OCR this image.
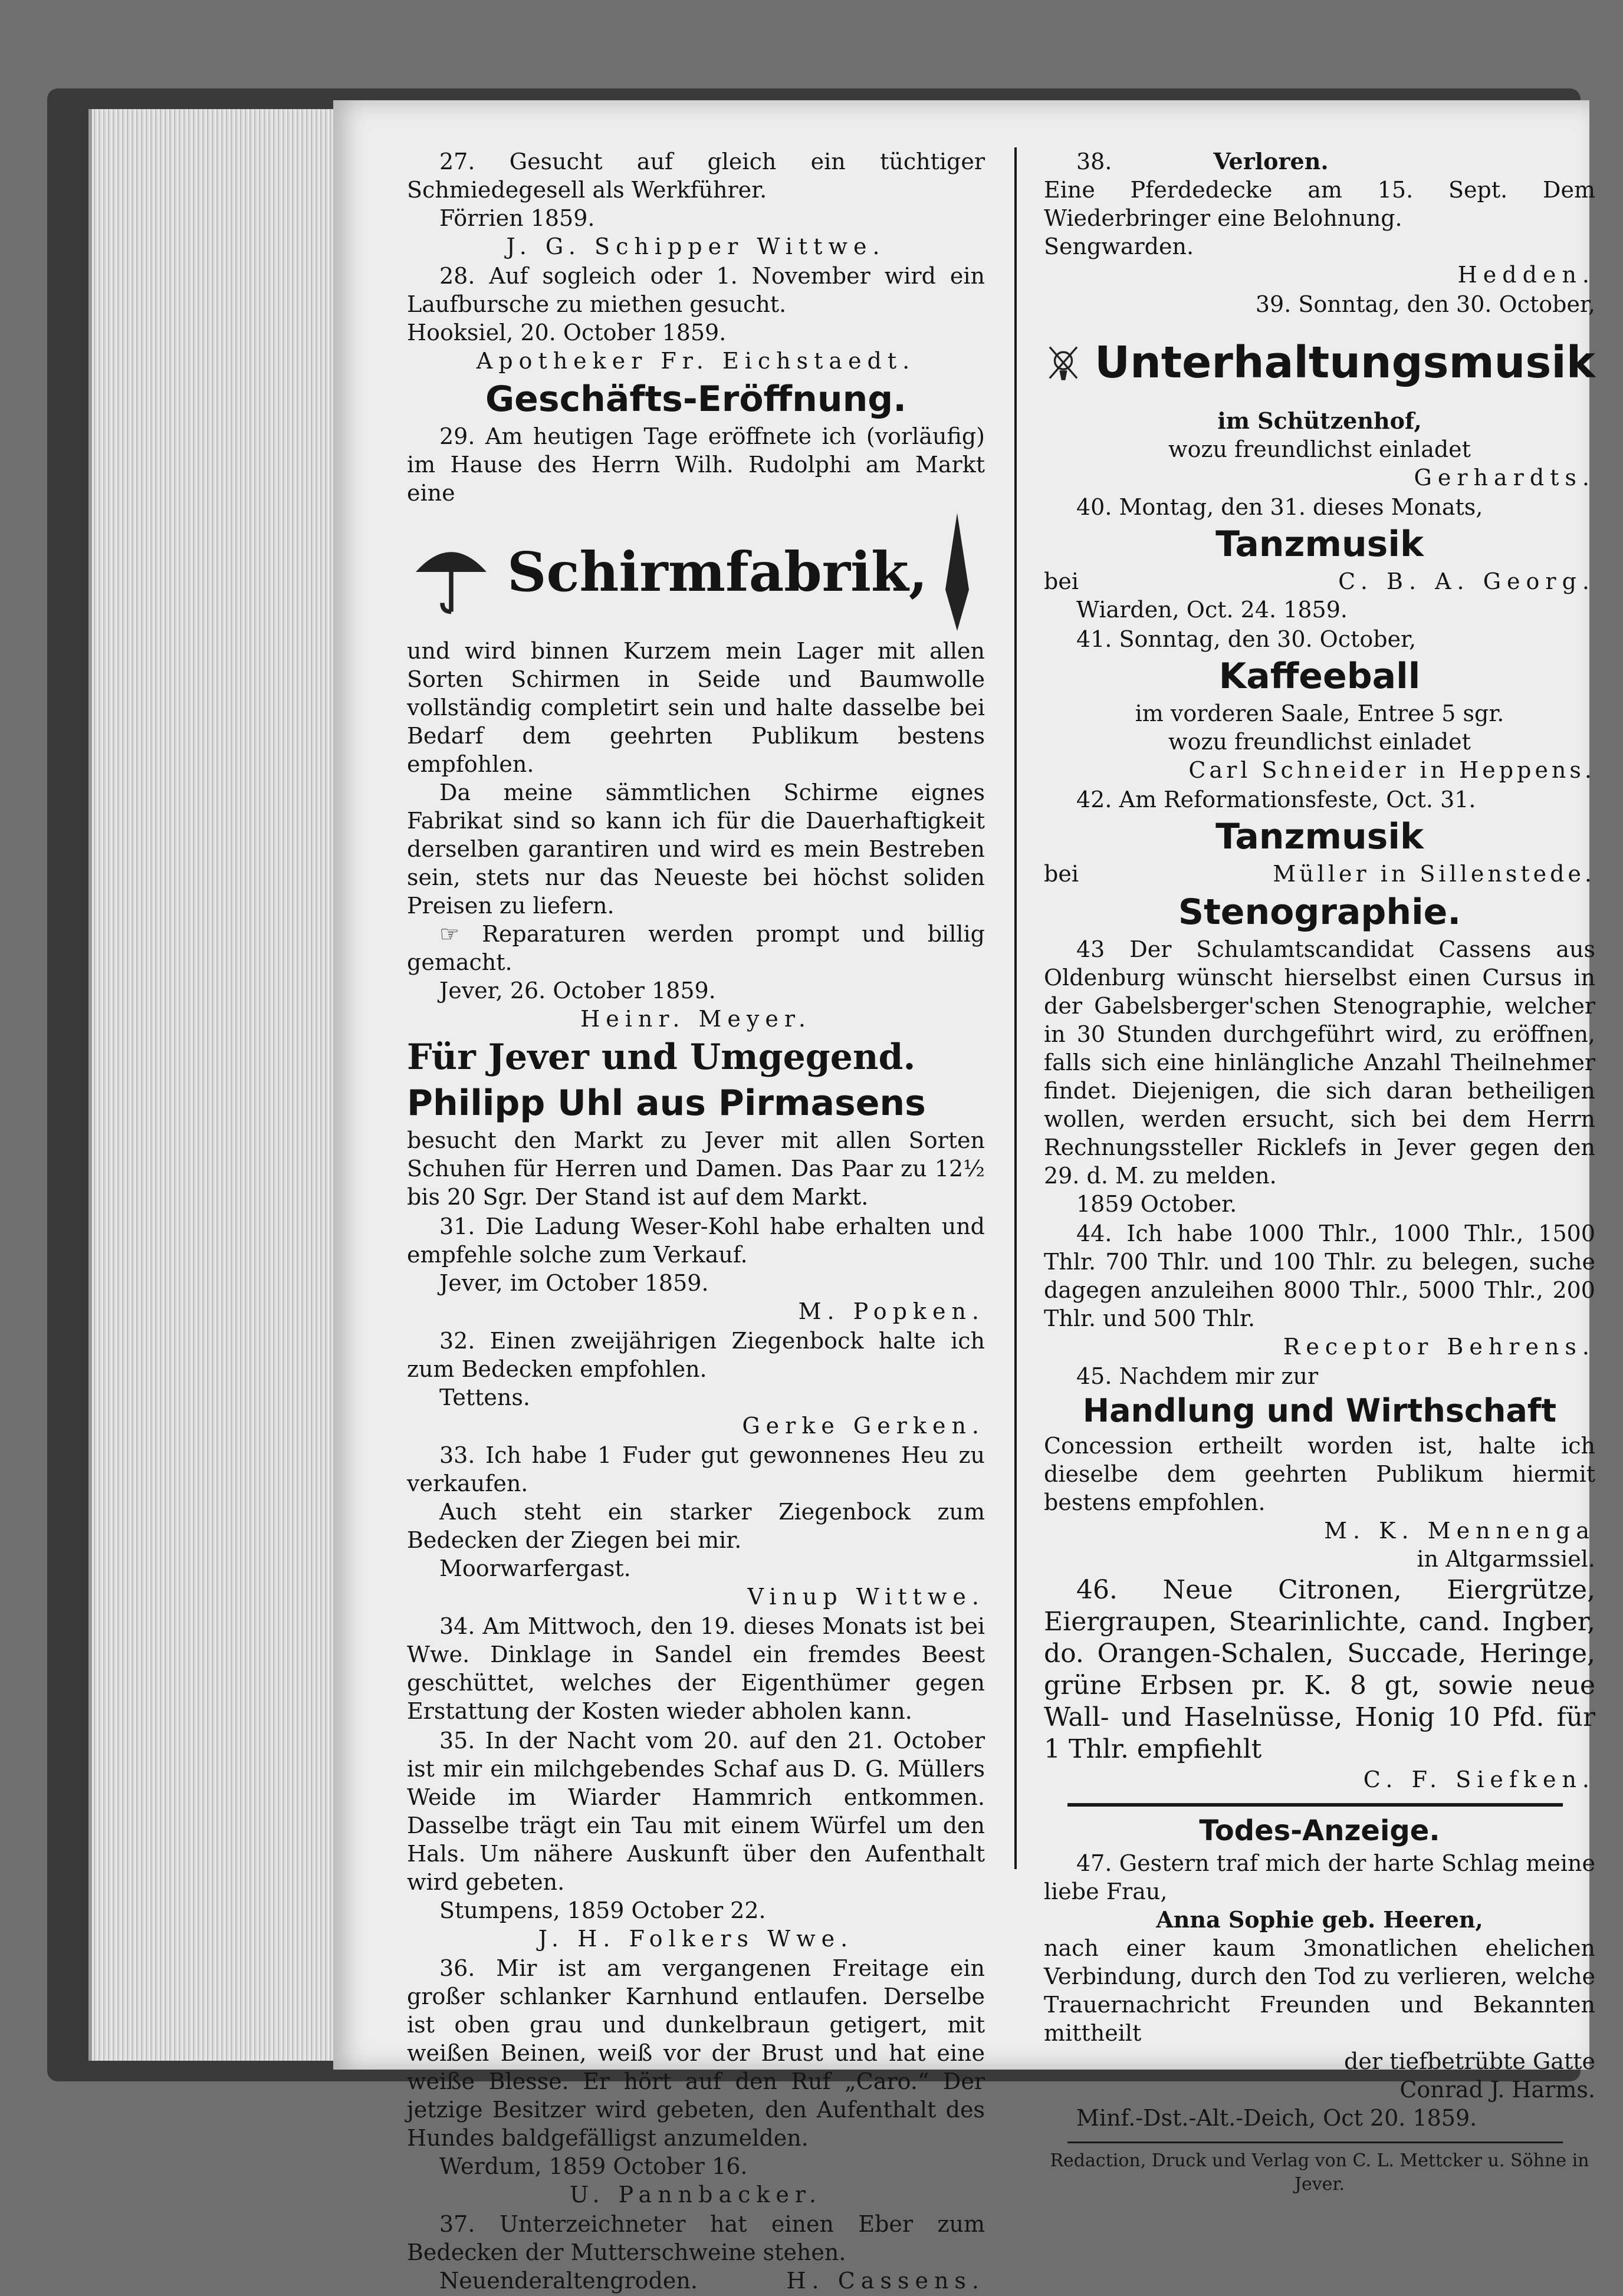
27. Gesucht auf gleich ein tüchtiger Schmiedegesell als Werkführer.
Förrien 1859.
J. G. Schipper Wittwe.
28. Auf sogleich oder 1. November wird ein Laufbursche zu miethen gesucht.
Hooksiel, 20. October 1859.
Apotheker Fr. Eichstaedt.
Geschäfts-Eröffnung.
29. Am heutigen Tage eröffnete ich (vorläufig) im Hause des Herrn Wilh. Rudolphi am Markt eine
Schirmfabrik,
und wird binnen Kurzem mein Lager mit allen Sorten Schirmen in Seide und Baumwolle vollständig completirt sein und halte dasselbe bei Bedarf dem geehrten Publikum bestens empfohlen.
Da meine sämmtlichen Schirme eignes Fabrikat sind so kann ich für die Dauerhaftigkeit derselben garantiren und wird es mein Bestreben sein, stets nur das Neueste bei höchst soliden Preisen zu liefern.
☞ Reparaturen werden prompt und billig gemacht.
Jever, 26. October 1859.
Heinr. Meyer.
Für Jever und Umgegend.
Philipp Uhl aus Pirmasens
besucht den Markt zu Jever mit allen Sorten Schuhen für Herren und Damen. Das Paar zu 12½ bis 20 Sgr. Der Stand ist auf dem Markt.
31. Die Ladung Weser-Kohl habe erhalten und empfehle solche zum Verkauf.
Jever, im October 1859.
M. Popken.
32. Einen zweijährigen Ziegenbock halte ich zum Bedecken empfohlen.
Tettens.
Gerke Gerken.
33. Ich habe 1 Fuder gut gewonnenes Heu zu verkaufen.
Auch steht ein starker Ziegenbock zum Bedecken der Ziegen bei mir.
Moorwarfergast.
Vinup Wittwe.
34. Am Mittwoch, den 19. dieses Monats ist bei Wwe. Dinklage in Sandel ein fremdes Beest geschüttet, welches der Eigenthümer gegen Erstattung der Kosten wieder abholen kann.
35. In der Nacht vom 20. auf den 21. October ist mir ein milchgebendes Schaf aus D. G. Müllers Weide im Wiarder Hammrich entkommen. Dasselbe trägt ein Tau mit einem Würfel um den Hals. Um nähere Auskunft über den Aufenthalt wird gebeten.
Stumpens, 1859 October 22.
J. H. Folkers Wwe.
36. Mir ist am vergangenen Freitage ein großer schlanker Karnhund entlaufen. Derselbe ist oben grau und dunkelbraun getigert, mit weißen Beinen, weiß vor der Brust und hat eine weiße Blesse. Er hört auf den Ruf „Caro.“ Der jetzige Besitzer wird gebeten, den Aufenthalt des Hundes baldgefälligst anzumelden.
Werdum, 1859 October 16.
U. Pannbacker.
37. Unterzeichneter hat einen Eber zum Bedecken der Mutterschweine stehen.
Neuenderaltengroden.	H. Cassens.
38.	Verloren.
Eine Pferdedecke am 15. Sept. Dem Wiederbringer eine Belohnung.
Sengwarden.
Hedden.
39. Sonntag, den 30. October,
Unterhaltungsmusik
im Schützenhof,
wozu freundlichst einladet
Gerhardts.
40. Montag, den 31. dieses Monats,
Tanzmusik
bei	C. B. A. Georg.
Wiarden, Oct. 24. 1859.
41. Sonntag, den 30. October,
Kaffeeball
im vorderen Saale, Entree 5 sgr.
wozu freundlichst einladet
Carl Schneider in Heppens.
42. Am Reformationsfeste, Oct. 31.
Tanzmusik
bei	Müller in Sillenstede.
Stenographie.
43 Der Schulamtscandidat Cassens aus Oldenburg wünscht hierselbst einen Cursus in der Gabelsberger'schen Stenographie, welcher in 30 Stunden durchgeführt wird, zu eröffnen, falls sich eine hinlängliche Anzahl Theilnehmer findet. Diejenigen, die sich daran betheiligen wollen, werden ersucht, sich bei dem Herrn Rechnungssteller Ricklefs in Jever gegen den 29. d. M. zu melden.
1859 October.
44. Ich habe 1000 Thlr., 1000 Thlr., 1500 Thlr. 700 Thlr. und 100 Thlr. zu belegen, suche dagegen anzuleihen 8000 Thlr., 5000 Thlr., 200 Thlr. und 500 Thlr.
Receptor Behrens.
45. Nachdem mir zur
Handlung und Wirthschaft
Concession ertheilt worden ist, halte ich dieselbe dem geehrten Publikum hiermit bestens empfohlen.
M. K. Mennenga
in Altgarmssiel.
46. Neue Citronen, Eiergrütze, Eiergraupen, Stearinlichte, cand. Ingber, do. Orangen-Schalen, Succade, Heringe, grüne Erbsen pr. K. 8 gt, sowie neue Wall- und Haselnüsse, Honig 10 Pfd. für 1 Thlr. empfiehlt
C. F. Siefken.
Todes-Anzeige.
47. Gestern traf mich der harte Schlag meine liebe Frau,
Anna Sophie geb. Heeren,
nach einer kaum 3monatlichen ehelichen Verbindung, durch den Tod zu verlieren, welche Trauernachricht Freunden und Bekannten mittheilt
der tiefbetrübte Gatte
Conrad J. Harms.
Minf.-Dst.-Alt.-Deich, Oct 20. 1859.
Redaction, Druck und Verlag von C. L. Mettcker u. Söhne in Jever.
